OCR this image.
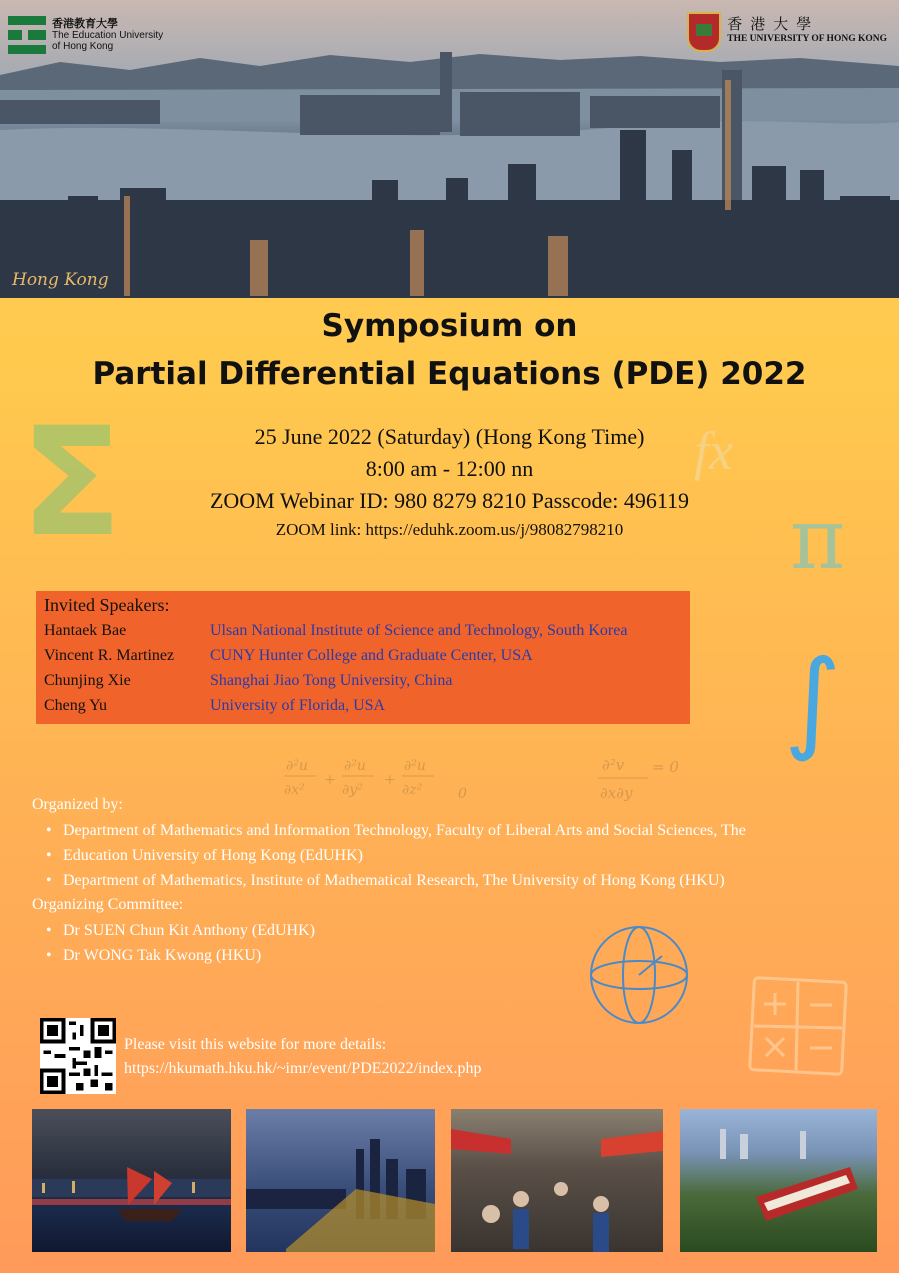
Hong Kong
香港教育大學
The Education University
of Hong Kong
香港大學
THE UNIVERSITY OF HONG KONG
Symposium on
Partial Differential Equations (PDE) 2022
Σ	fx
π
∫
∂²u
∂x²
+
∂²u
∂y²
+
∂²u
∂z²	0
∂²v
∂x∂y
= 0
25 June 2022 (Saturday) (Hong Kong Time)
8:00 am - 12:00 nn
ZOOM Webinar ID: 980 8279 8210 Passcode: 496119
ZOOM link: https://eduhk.zoom.us/j/98082798210
Invited Speakers:
Hantaek Bae	Ulsan National Institute of Science and Technology, South Korea
Vincent R. Martinez	CUNY Hunter College and Graduate Center, USA
Chunjing Xie	Shanghai Jiao Tong University, China
Cheng Yu	University of Florida, USA
Organized by:
• Department of Mathematics and Information Technology, Faculty of Liberal Arts and Social Sciences, The
• Education University of Hong Kong (EdUHK)
• Department of Mathematics, Institute of Mathematical Research, The University of Hong Kong (HKU)
Organizing Committee:
• Dr SUEN Chun Kit Anthony (EdUHK)
• Dr WONG Tak Kwong (HKU)
Please visit this website for more details:
https://hkumath.hku.hk/~imr/event/PDE2022/index.php
